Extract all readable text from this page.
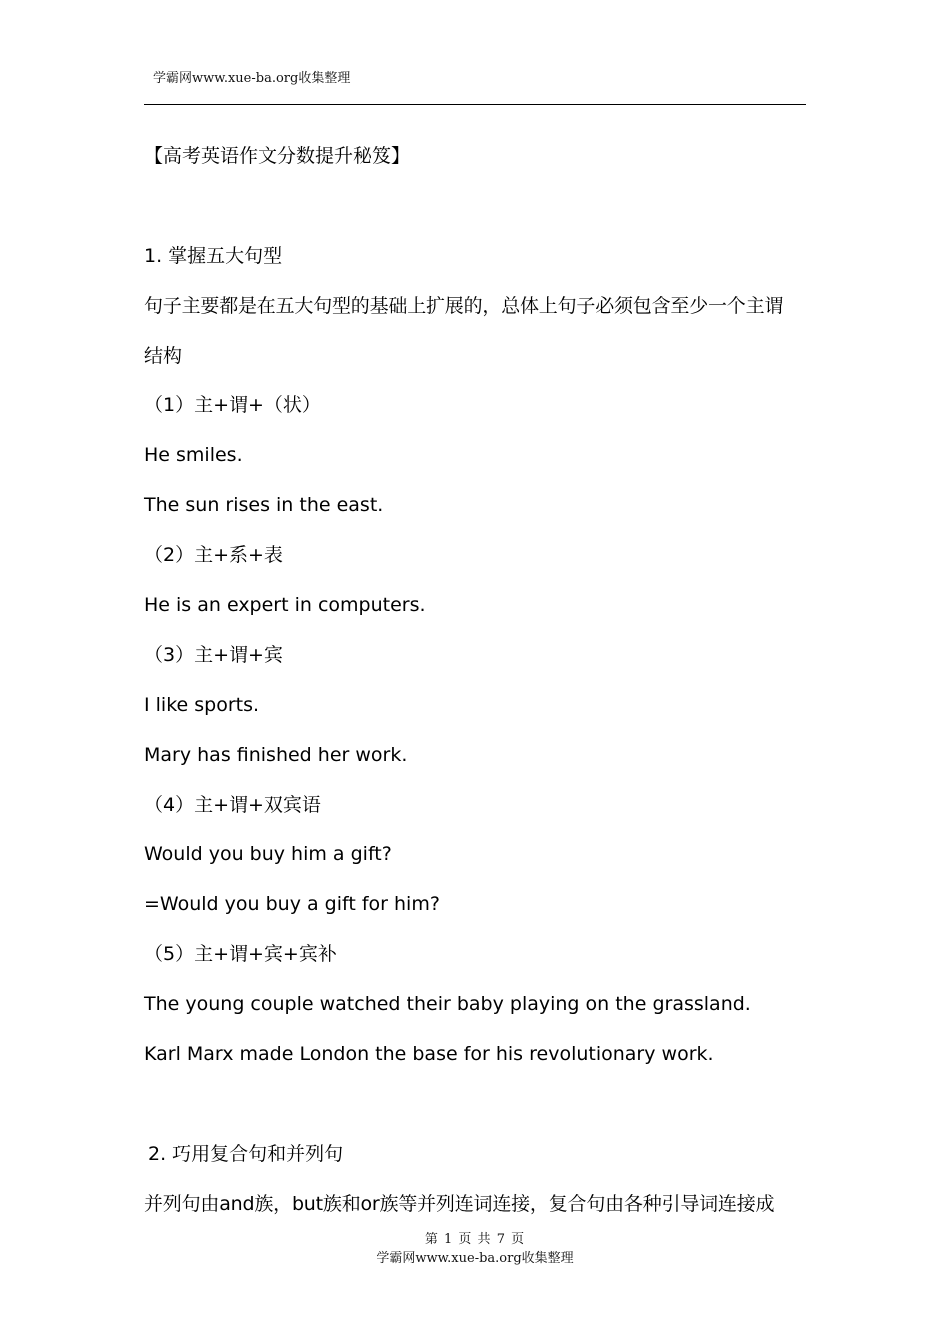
学霸网www.xue-ba.org收集整理
【高考英语作文分数提升秘笈】
1. 掌握五大句型
句子主要都是在五大句型的基础上扩展的，总体上句子必须包含至少一个主谓
结构
（1）主+谓+（状）
He smiles.
The sun rises in the east.
（2）主+系+表
He is an expert in computers.
（3）主+谓+宾
I like sports.
Mary has finished her work.
（4）主+谓+双宾语
Would you buy him a gift?
=Would you buy a gift for him?
（5）主+谓+宾+宾补
The young couple watched their baby playing on the grassland.
Karl Marx made London the base for his revolutionary work.
2. 巧用复合句和并列句
并列句由and族，but族和or族等并列连词连接，复合句由各种引导词连接成
第 1 页 共 7 页
学霸网www.xue-ba.org收集整理
